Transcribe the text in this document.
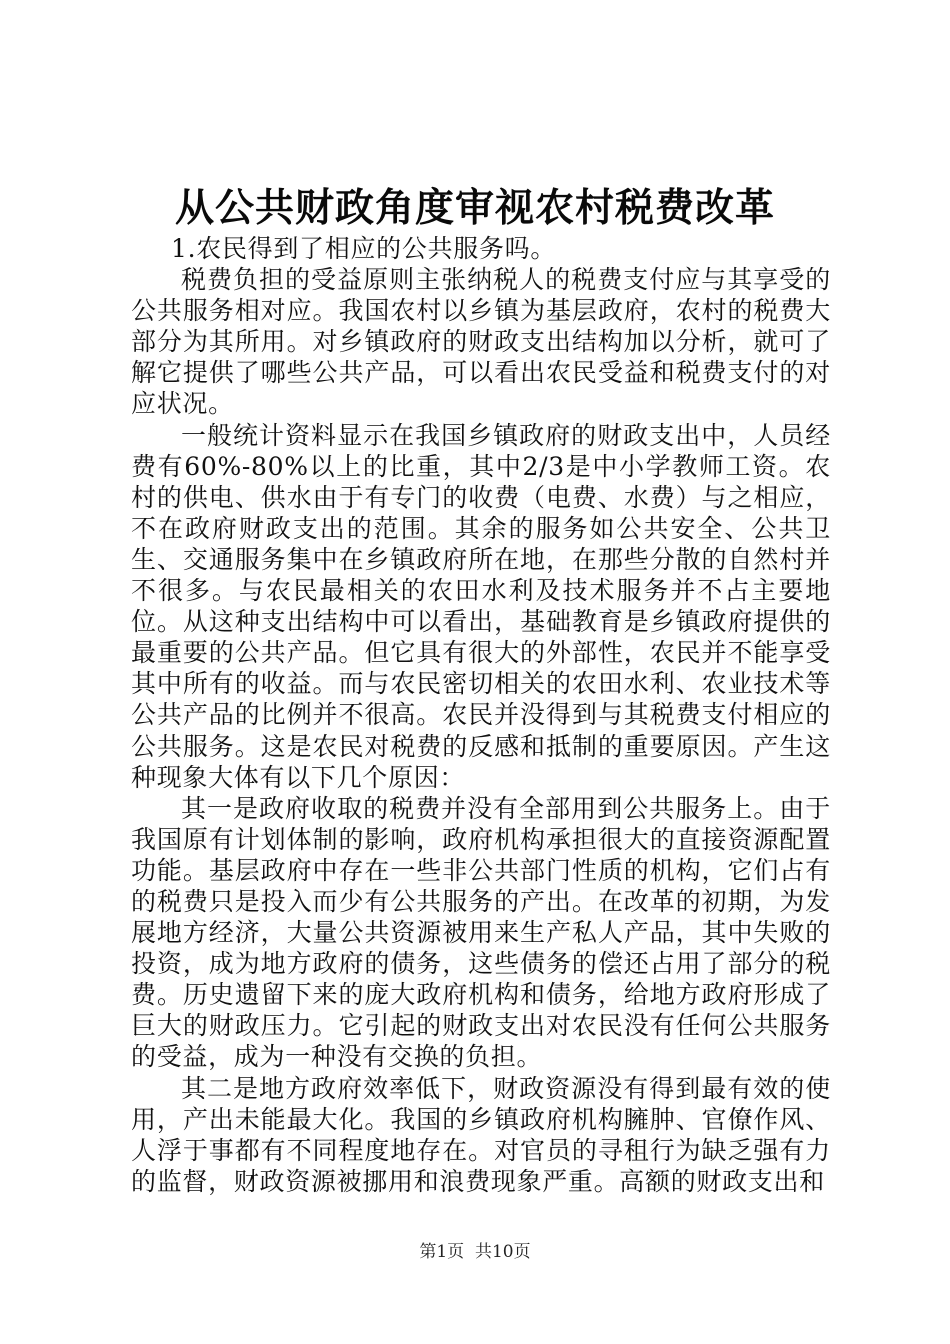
从公共财政角度审视农村税费改革

1.农民得到了相应的公共服务吗。

税费负担的受益原则主张纳税人的税费支付应与其享受的公共服务相对应。我国农村以乡镇为基层政府，农村的税费大部分为其所用。对乡镇政府的财政支出结构加以分析，就可了解它提供了哪些公共产品，可以看出农民受益和税费支付的对应状况。

一般统计资料显示在我国乡镇政府的财政支出中，人员经费有60%-80%以上的比重，其中2/3是中小学教师工资。农村的供电、供水由于有专门的收费（电费、水费）与之相应，不在政府财政支出的范围。其余的服务如公共安全、公共卫生、交通服务集中在乡镇政府所在地，在那些分散的自然村并不很多。与农民最相关的农田水利及技术服务并不占主要地位。从这种支出结构中可以看出，基础教育是乡镇政府提供的最重要的公共产品。但它具有很大的外部性，农民并不能享受其中所有的收益。而与农民密切相关的农田水利、农业技术等公共产品的比例并不很高。农民并没得到与其税费支付相应的公共服务。这是农民对税费的反感和抵制的重要原因。产生这种现象大体有以下几个原因：

其一是政府收取的税费并没有全部用到公共服务上。由于我国原有计划体制的影响，政府机构承担很大的直接资源配置功能。基层政府中存在一些非公共部门性质的机构，它们占有的税费只是投入而少有公共服务的产出。在改革的初期，为发展地方经济，大量公共资源被用来生产私人产品，其中失败的投资，成为地方政府的债务，这些债务的偿还占用了部分的税费。历史遗留下来的庞大政府机构和债务，给地方政府形成了巨大的财政压力。它引起的财政支出对农民没有任何公共服务的受益，成为一种没有交换的负担。

其二是地方政府效率低下，财政资源没有得到最有效的使用，产出未能最大化。我国的乡镇政府机构臃肿、官僚作风、人浮于事都有不同程度地存在。对官员的寻租行为缺乏强有力的监督，财政资源被挪用和浪费现象严重。高额的财政支出和

第1页  共10页
